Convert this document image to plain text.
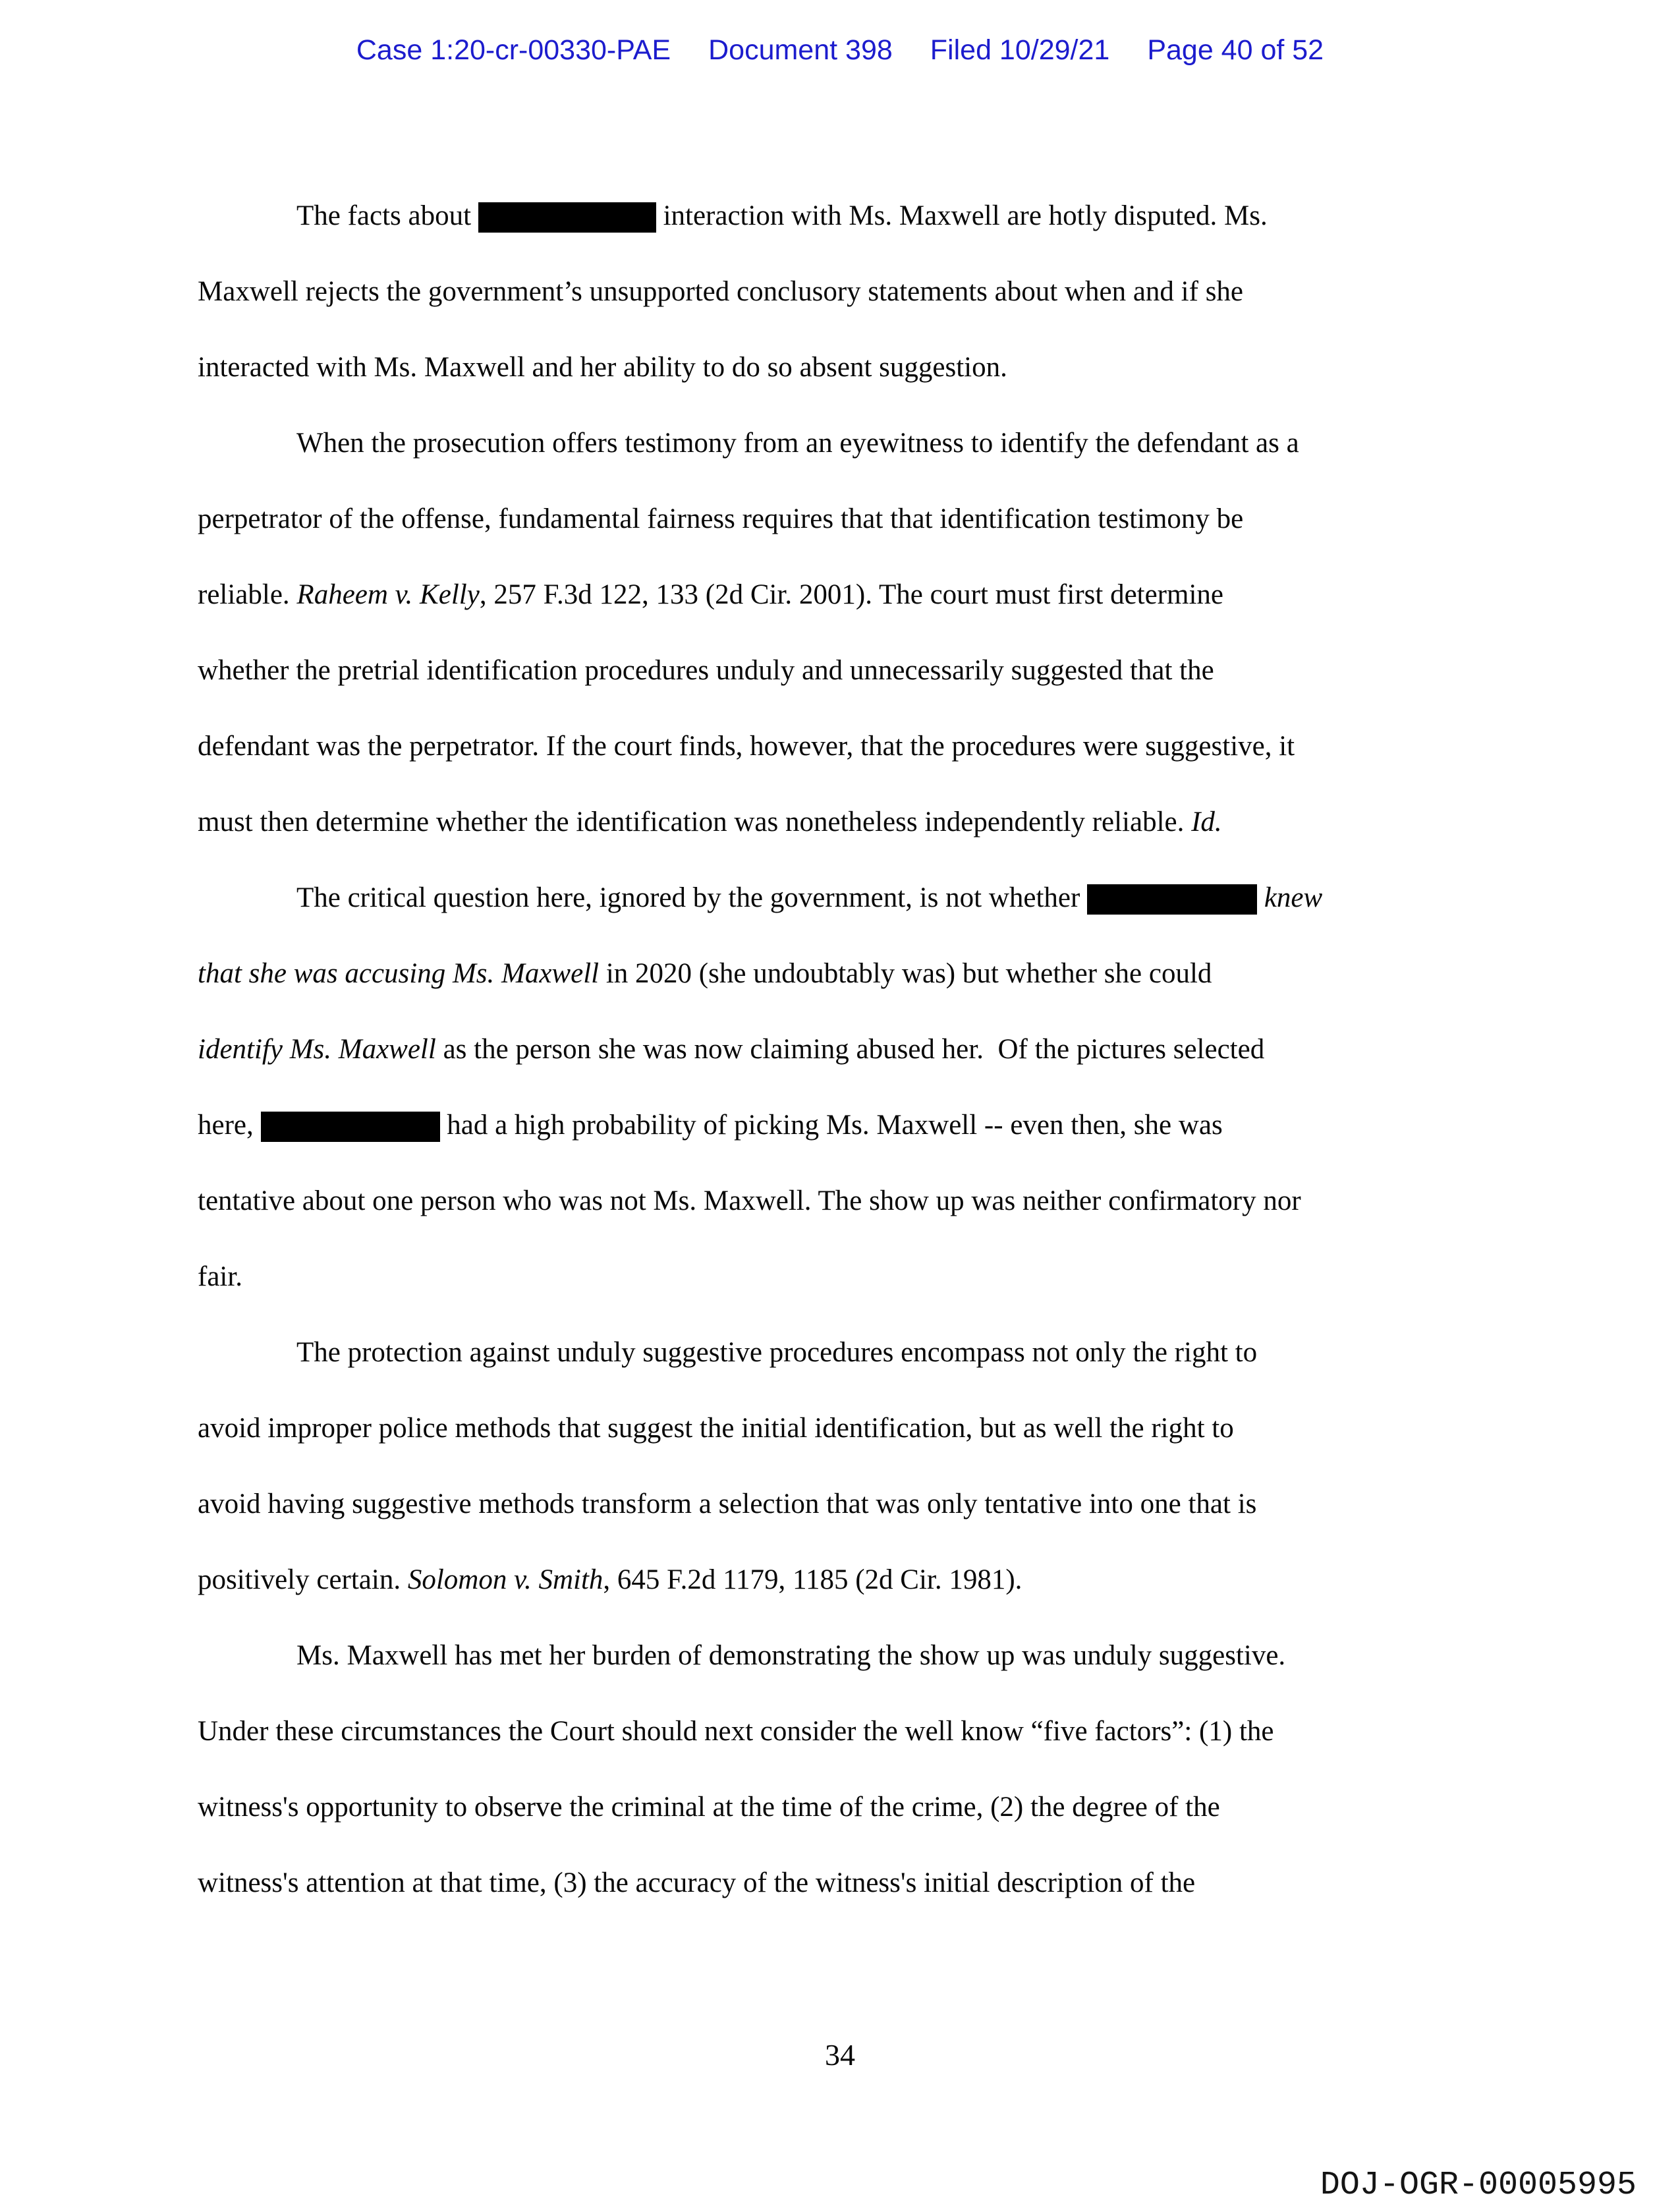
Case 1:20-cr-00330-PAE Document 398 Filed 10/29/21 Page 40 of 52
The facts about	interaction with Ms. Maxwell are hotly disputed. Ms.
Maxwell rejects the government’s unsupported conclusory statements about when and if she
interacted with Ms. Maxwell and her ability to do so absent suggestion.
When the prosecution offers testimony from an eyewitness to identify the defendant as a
perpetrator of the offense, fundamental fairness requires that that identification testimony be
reliable. Raheem v. Kelly, 257 F.3d 122, 133 (2d Cir. 2001). The court must first determine
whether the pretrial identification procedures unduly and unnecessarily suggested that the
defendant was the perpetrator. If the court finds, however, that the procedures were suggestive, it
must then determine whether the identification was nonetheless independently reliable. Id.
The critical question here, ignored by the government, is not whether	knew
that she was accusing Ms. Maxwell in 2020 (she undoubtably was) but whether she could
identify Ms. Maxwell as the person she was now claiming abused her.  Of the pictures selected
here,	had a high probability of picking Ms. Maxwell -- even then, she was
tentative about one person who was not Ms. Maxwell. The show up was neither confirmatory nor
fair.
The protection against unduly suggestive procedures encompass not only the right to
avoid improper police methods that suggest the initial identification, but as well the right to
avoid having suggestive methods transform a selection that was only tentative into one that is
positively certain. Solomon v. Smith, 645 F.2d 1179, 1185 (2d Cir. 1981).
Ms. Maxwell has met her burden of demonstrating the show up was unduly suggestive.
Under these circumstances the Court should next consider the well know “five factors”: (1) the
witness's opportunity to observe the criminal at the time of the crime, (2) the degree of the
witness's attention at that time, (3) the accuracy of the witness's initial description of the
34
DOJ-OGR-00005995
